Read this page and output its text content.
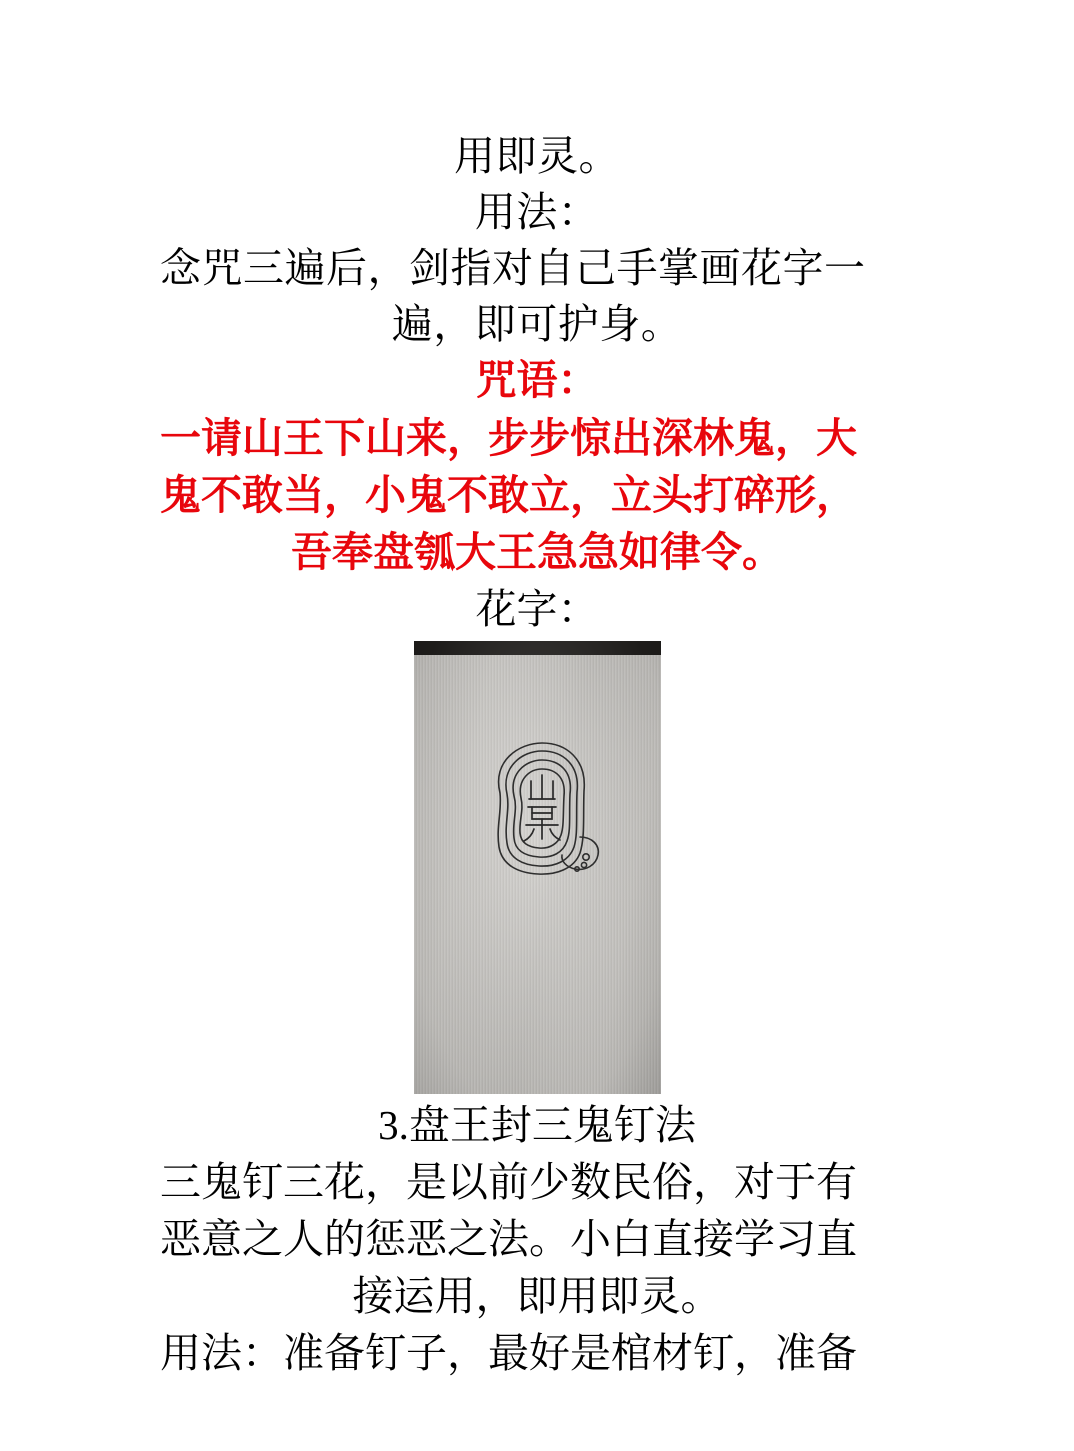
用即灵。
用法：
念咒三遍后，剑指对自己手掌画花字一
遍，即可护身。
咒语：
一请山王下山来，步步惊出深林鬼，大
鬼不敢当，小鬼不敢立，立头打碎形，
吾奉盘瓠大王急急如律令。
花字：
3.盘王封三鬼钉法
三鬼钉三花，是以前少数民俗，对于有
恶意之人的惩恶之法。小白直接学习直
接运用，即用即灵。
用法：准备钉子，最好是棺材钉，准备
